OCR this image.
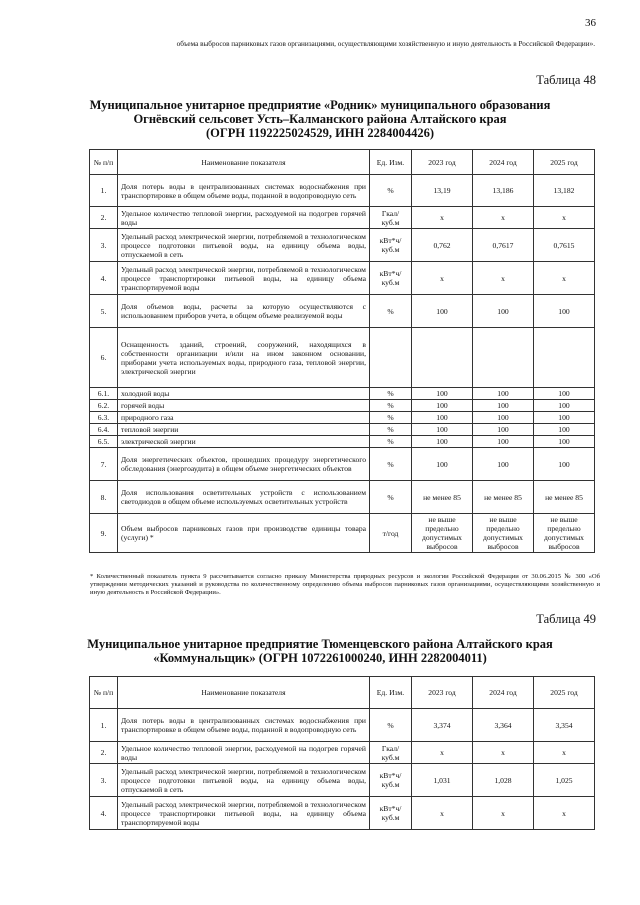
36
объема выбросов парниковых газов организациями, осуществляющими хозяйственную и иную деятельность в Российской Федерации».
Таблица 48
Муниципальное унитарное предприятие «Родник» муниципального образования
Огнёвский сельсовет Усть–Калманского района Алтайского края
(ОГРН 1192225024529, ИНН 2284004426)
№ п/п	Наименование показателя	Ед. Изм.	2023 год	2024 год	2025 год
1.	Доля потерь воды в централизованных системах водоснабжения при транспортировке в общем объеме воды, поданной в водопроводную сеть	%	13,19	13,186	13,182
2.	Удельное количество тепловой энергии, расходуемой на подогрев горячей воды	Гкал/ куб.м	х	х	х
3.	Удельный расход электрической энергии, потребляемой в технологическом процессе подготовки питьевой воды, на единицу объема воды, отпускаемой в сеть	кВт*ч/ куб.м	0,762	0,7617	0,7615
4.	Удельный расход электрической энергии, потребляемой в технологическом процессе транспортировки питьевой воды, на единицу объема транспортируемой воды	кВт*ч/ куб.м	х	х	х
5.	Доля объемов воды, расчеты за которую осуществляются с использованием приборов учета, в общем объеме реализуемой воды	%	100	100	100
6.	Оснащенность зданий, строений, сооружений, находящихся в собственности организации и/или на ином законном основании, приборами учета используемых воды, природного газа, тепловой энергии, электрической энергии				
6.1.	холодной воды	%	100	100	100
6.2.	горячей воды	%	100	100	100
6.3.	природного газа	%	100	100	100
6.4.	тепловой энергии	%	100	100	100
6.5.	электрической энергии	%	100	100	100
7.	Доля энергетических объектов, прошедших процедуру энергетического обследования (энергоаудита) в общем объеме энергетических объектов	%	100	100	100
8.	Доля использования осветительных устройств с использованием светодиодов в общем объеме используемых осветительных устройств	%	не менее 85	не менее 85	не менее 85
9.	Объем выбросов парниковых газов при производстве единицы товара (услуги) *	т/год	не выше предельно допустимых выбросов	не выше предельно допустимых выбросов	не выше предельно допустимых выбросов
* Количественный показатель пункта 9 рассчитывается согласно приказу Министерства природных ресурсов и экологии Российской Федерации от 30.06.2015 № 300 «Об утверждении методических указаний и руководства по количественному определению объема выбросов парниковых газов организациями, осуществляющими хозяйственную и иную деятельность в Российской Федерации».
Таблица 49
Муниципальное унитарное предприятие Тюменцевского района Алтайского края
«Коммунальщик» (ОГРН 1072261000240, ИНН 2282004011)
№ п/п	Наименование показателя	Ед. Изм.	2023 год	2024 год	2025 год
1.	Доля потерь воды в централизованных системах водоснабжения при транспортировке в общем объеме воды, поданной в водопроводную сеть	%	3,374	3,364	3,354
2.	Удельное количество тепловой энергии, расходуемой на подогрев горячей воды	Гкал/ куб.м	х	х	х
3.	Удельный расход электрической энергии, потребляемой в технологическом процессе подготовки питьевой воды, на единицу объема воды, отпускаемой в сеть	кВт*ч/ куб.м	1,031	1,028	1,025
4.	Удельный расход электрической энергии, потребляемой в технологическом процессе транспортировки питьевой воды, на единицу объема транспортируемой воды	кВт*ч/ куб.м	х	х	х
